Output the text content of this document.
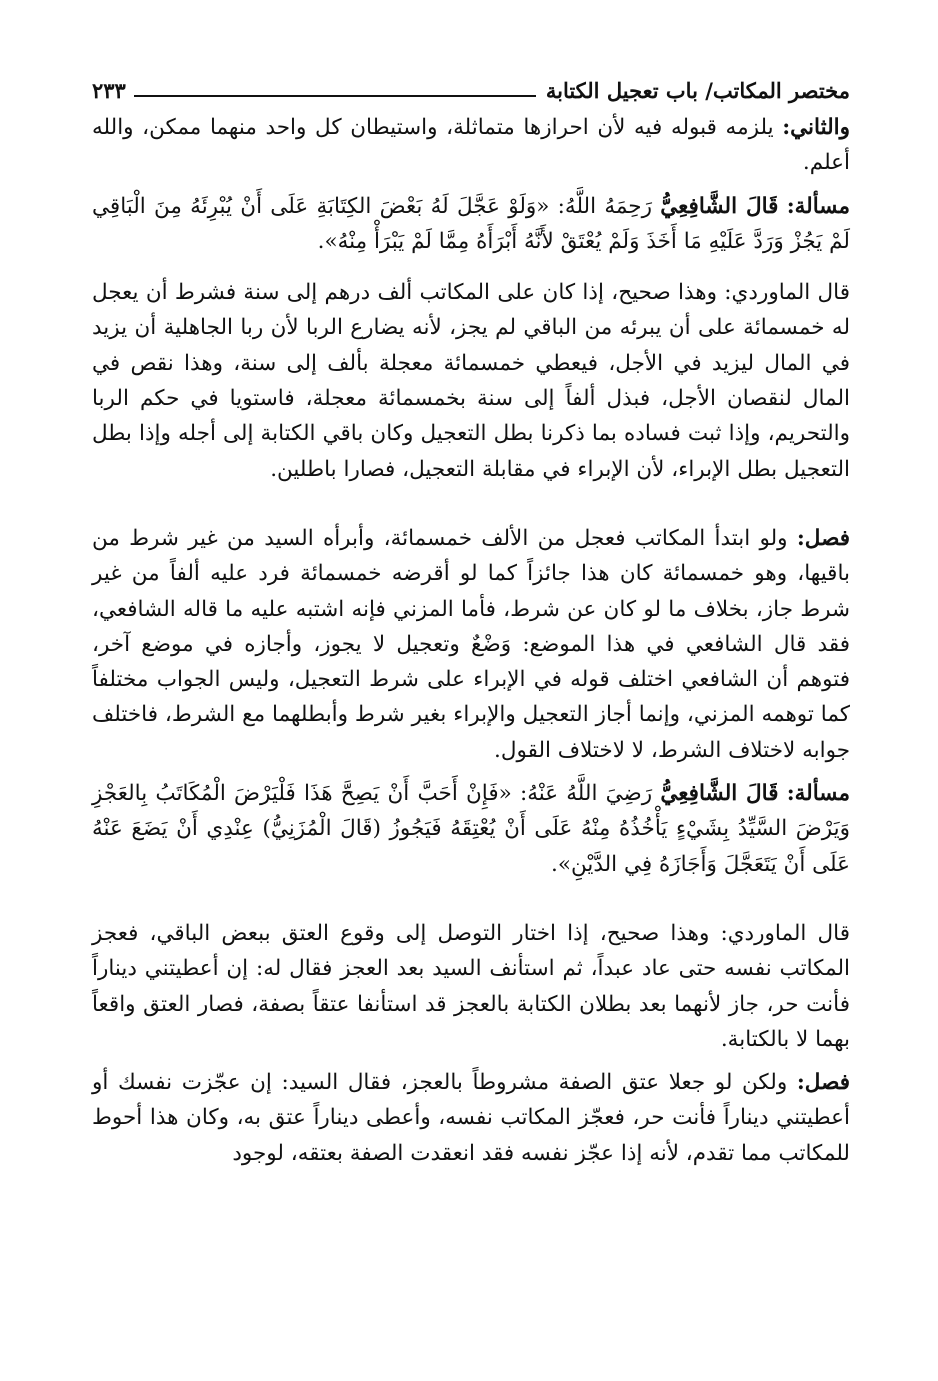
مختصر المكاتب/ باب تعجيل الكتابة
٢٣٣

والثاني: يلزمه قبوله فيه لأن احرازها متماثلة، واستيطان كل واحد منهما ممكن، والله أعلم.

مسألة: قَالَ الشَّافِعِيُّ رَحِمَهُ اللَّهُ: «وَلَوْ عَجَّلَ لَهُ بَعْضَ الكِتَابَةِ عَلَى أَنْ يُبْرِئَهُ مِنَ الْبَاقِي لَمْ يَجُزْ وَرَدَّ عَلَيْهِ مَا أَخَذَ وَلَمْ يُعْتَقْ لأَنَّهُ أَبْرَأَهُ مِمَّا لَمْ يَبْرَأْ مِنْهُ».

قال الماوردي: وهذا صحيح، إذا كان على المكاتب ألف درهم إلى سنة فشرط أن يعجل له خمسمائة على أن يبرئه من الباقي لم يجز، لأنه يضارع الربا لأن ربا الجاهلية أن يزيد في المال ليزيد في الأجل، فيعطي خمسمائة معجلة بألف إلى سنة، وهذا نقص في المال لنقصان الأجل، فبذل ألفاً إلى سنة بخمسمائة معجلة، فاستويا في حكم الربا والتحريم، وإذا ثبت فساده بما ذكرنا بطل التعجيل وكان باقي الكتابة إلى أجله وإذا بطل التعجيل بطل الإبراء، لأن الإبراء في مقابلة التعجيل، فصارا باطلين.

فصل: ولو ابتدأ المكاتب فعجل من الألف خمسمائة، وأبرأه السيد من غير شرط من باقيها، وهو خمسمائة كان هذا جائزاً كما لو أقرضه خمسمائة فرد عليه ألفاً من غير شرط جاز، بخلاف ما لو كان عن شرط، فأما المزني فإنه اشتبه عليه ما قاله الشافعي، فقد قال الشافعي في هذا الموضع: وَضْعٌ وتعجيل لا يجوز، وأجازه في موضع آخر، فتوهم أن الشافعي اختلف قوله في الإبراء على شرط التعجيل، وليس الجواب مختلفاً كما توهمه المزني، وإنما أجاز التعجيل والإبراء بغير شرط وأبطلهما مع الشرط، فاختلف جوابه لاختلاف الشرط، لا لاختلاف القول.

مسألة: قَالَ الشَّافِعِيُّ رَضِيَ اللَّهُ عَنْهُ: «فَإِنْ أَحَبَّ أَنْ يَصِحَّ هَذَا فَلْيَرْضَ الْمُكَاتَبُ بِالعَجْزِ وَيَرْضَ السَّيِّدُ بِشَيْءٍ يَأْخُذُهُ مِنْهُ عَلَى أَنْ يُعْتِقَهُ فَيَجُوزُ (قَالَ الْمُزَنِيُّ) عِنْدِي أَنْ يَضَعَ عَنْهُ عَلَى أَنْ يَتَعَجَّلَ وَأَجَازَهُ فِي الدَّيْنِ».

قال الماوردي: وهذا صحيح، إذا اختار التوصل إلى وقوع العتق ببعض الباقي، فعجز المكاتب نفسه حتى عاد عبداً، ثم استأنف السيد بعد العجز فقال له: إن أعطيتني ديناراً فأنت حر، جاز لأنهما بعد بطلان الكتابة بالعجز قد استأنفا عتقاً بصفة، فصار العتق واقعاً بهما لا بالكتابة.

فصل: ولكن لو جعلا عتق الصفة مشروطاً بالعجز، فقال السيد: إن عجّزت نفسك أو أعطيتني ديناراً فأنت حر، فعجّز المكاتب نفسه، وأعطى ديناراً عتق به، وكان هذا أحوط للمكاتب مما تقدم، لأنه إذا عجّز نفسه فقد انعقدت الصفة بعتقه، لوجود
